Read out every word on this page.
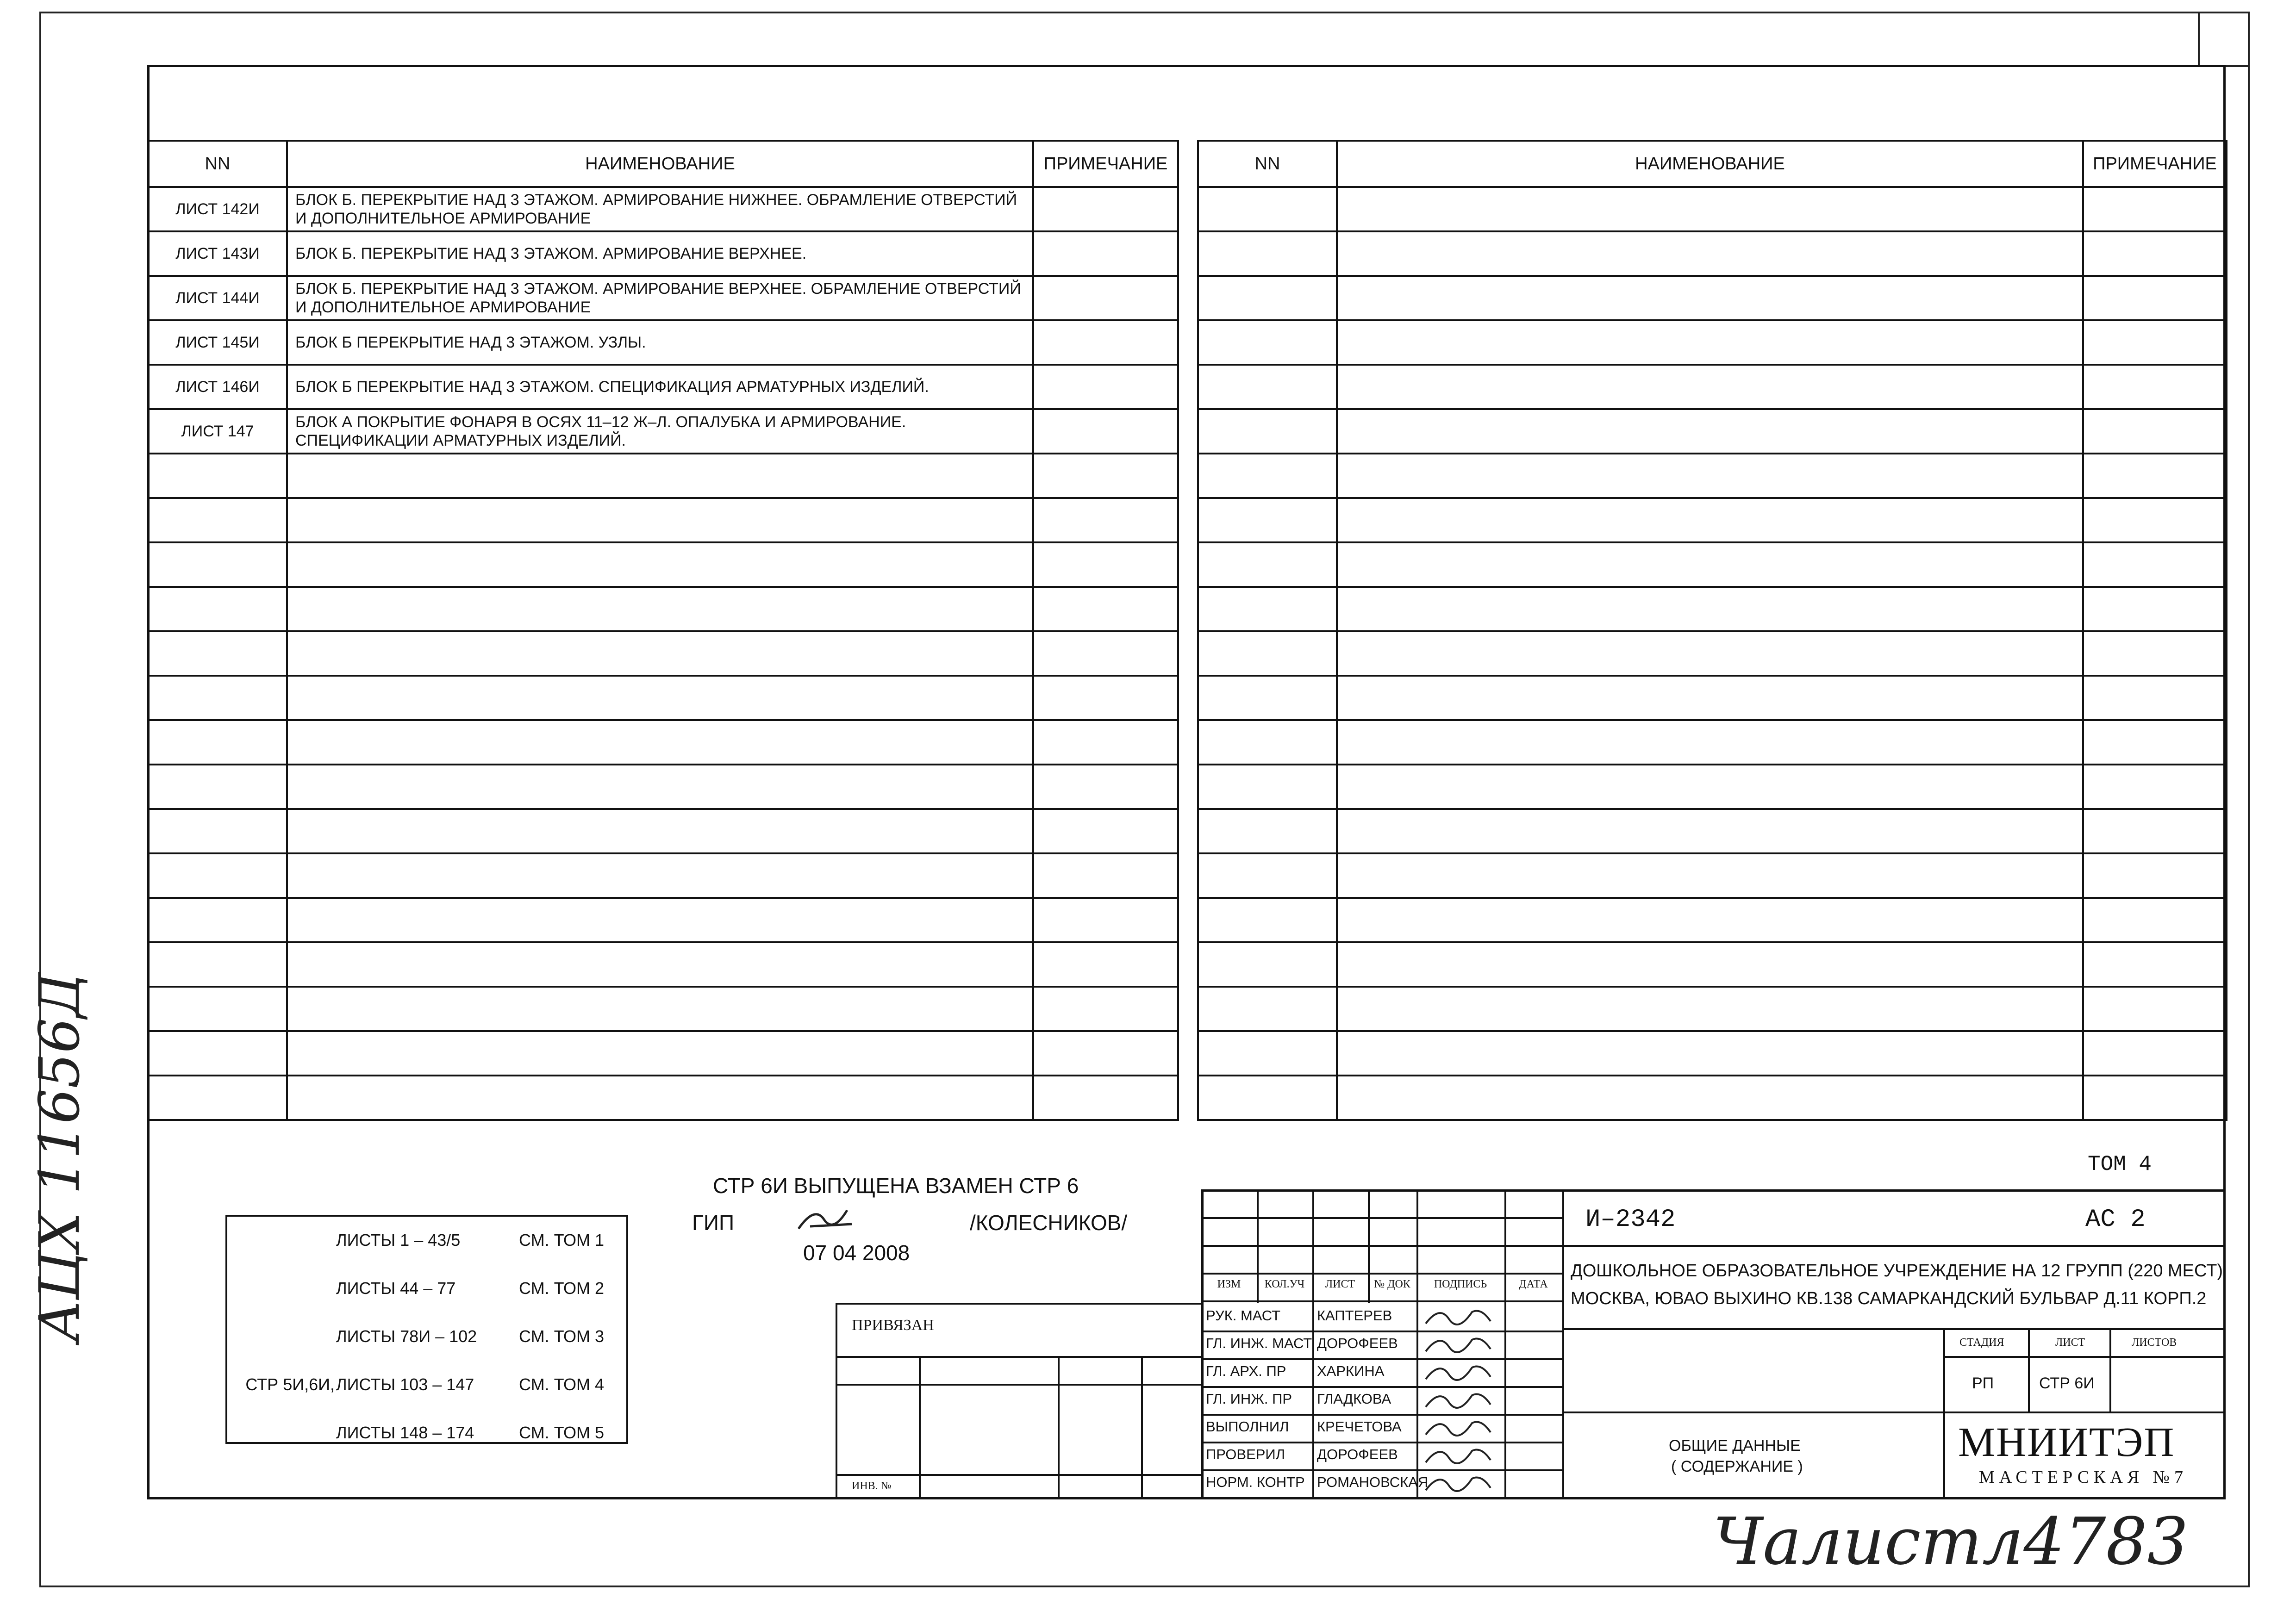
NN	НАИМЕНОВАНИЕ	ПРИМЕЧАНИЕ
ЛИСТ 142И	БЛОК Б. ПЕРЕКРЫТИЕ НАД 3 ЭТАЖОМ. АРМИРОВАНИЕ НИЖНЕЕ. ОБРАМЛЕНИЕ ОТВЕРСТИЙ И ДОПОЛНИТЕЛЬНОЕ АРМИРОВАНИЕ	
ЛИСТ 143И	БЛОК Б. ПЕРЕКРЫТИЕ НАД 3 ЭТАЖОМ. АРМИРОВАНИЕ ВЕРХНЕЕ.	
ЛИСТ 144И	БЛОК Б. ПЕРЕКРЫТИЕ НАД 3 ЭТАЖОМ. АРМИРОВАНИЕ ВЕРХНЕЕ. ОБРАМЛЕНИЕ ОТВЕРСТИЙ И ДОПОЛНИТЕЛЬНОЕ АРМИРОВАНИЕ	
ЛИСТ 145И	БЛОК Б ПЕРЕКРЫТИЕ НАД 3 ЭТАЖОМ. УЗЛЫ.	
ЛИСТ 146И	БЛОК Б ПЕРЕКРЫТИЕ НАД 3 ЭТАЖОМ. СПЕЦИФИКАЦИЯ АРМАТУРНЫХ ИЗДЕЛИЙ.	
ЛИСТ 147	БЛОК А ПОКРЫТИЕ ФОНАРЯ В ОСЯХ 11–12 Ж–Л. ОПАЛУБКА И АРМИРОВАНИЕ. СПЕЦИФИКАЦИИ АРМАТУРНЫХ ИЗДЕЛИЙ.	

NN	НАИМЕНОВАНИЕ	ПРИМЕЧАНИЕ

АЦХ 11656Д	СТР 6И ВЫПУЩЕНА ВЗАМЕН СТР 6
ГИП	/КОЛЕСНИКОВ/
07 04 2008
ЛИСТЫ 1 – 43/5	СМ. ТОМ 1
ЛИСТЫ 44 – 77	СМ. ТОМ 2
ЛИСТЫ 78И – 102	СМ. ТОМ 3
СТР 5И,6И, ЛИСТЫ 103 – 147	СМ. ТОМ 4
ЛИСТЫ 148 – 174	СМ. ТОМ 5
ТОМ 4
ПРИВЯЗАН
ИНВ. №
ИЗМ	КОЛ.УЧ	ЛИСТ	№ ДОК	ПОДПИСЬ	ДАТА
РУК. МАСТ	КАПТЕРЕВ
ГЛ. ИНЖ. МАСТ ДОРОФЕЕВ
ГЛ. АРХ. ПР ХАРКИНА
ГЛ. ИНЖ. ПР ГЛАДКОВА
ВЫПОЛНИЛ КРЕЧЕТОВА
ПРОВЕРИЛ ДОРОФЕЕВ
НОРМ. КОНТР РОМАНОВСКАЯ
И–2342	АС 2
ДОШКОЛЬНОЕ ОБРАЗОВАТЕЛЬНОЕ УЧРЕЖДЕНИЕ НА 12 ГРУПП (220 МЕСТ)
МОСКВА, ЮВАО ВЫХИНО КВ.138 САМАРКАНДСКИЙ БУЛЬВАР Д.11 КОРП.2
СТАДИЯ	ЛИСТ	ЛИСТОВ
РП	СТР 6И
ОБЩИЕ ДАННЫЕ
( СОДЕРЖАНИЕ )
МНИИТЭП
МАСТЕРСКАЯ №7
Чалистл4783
